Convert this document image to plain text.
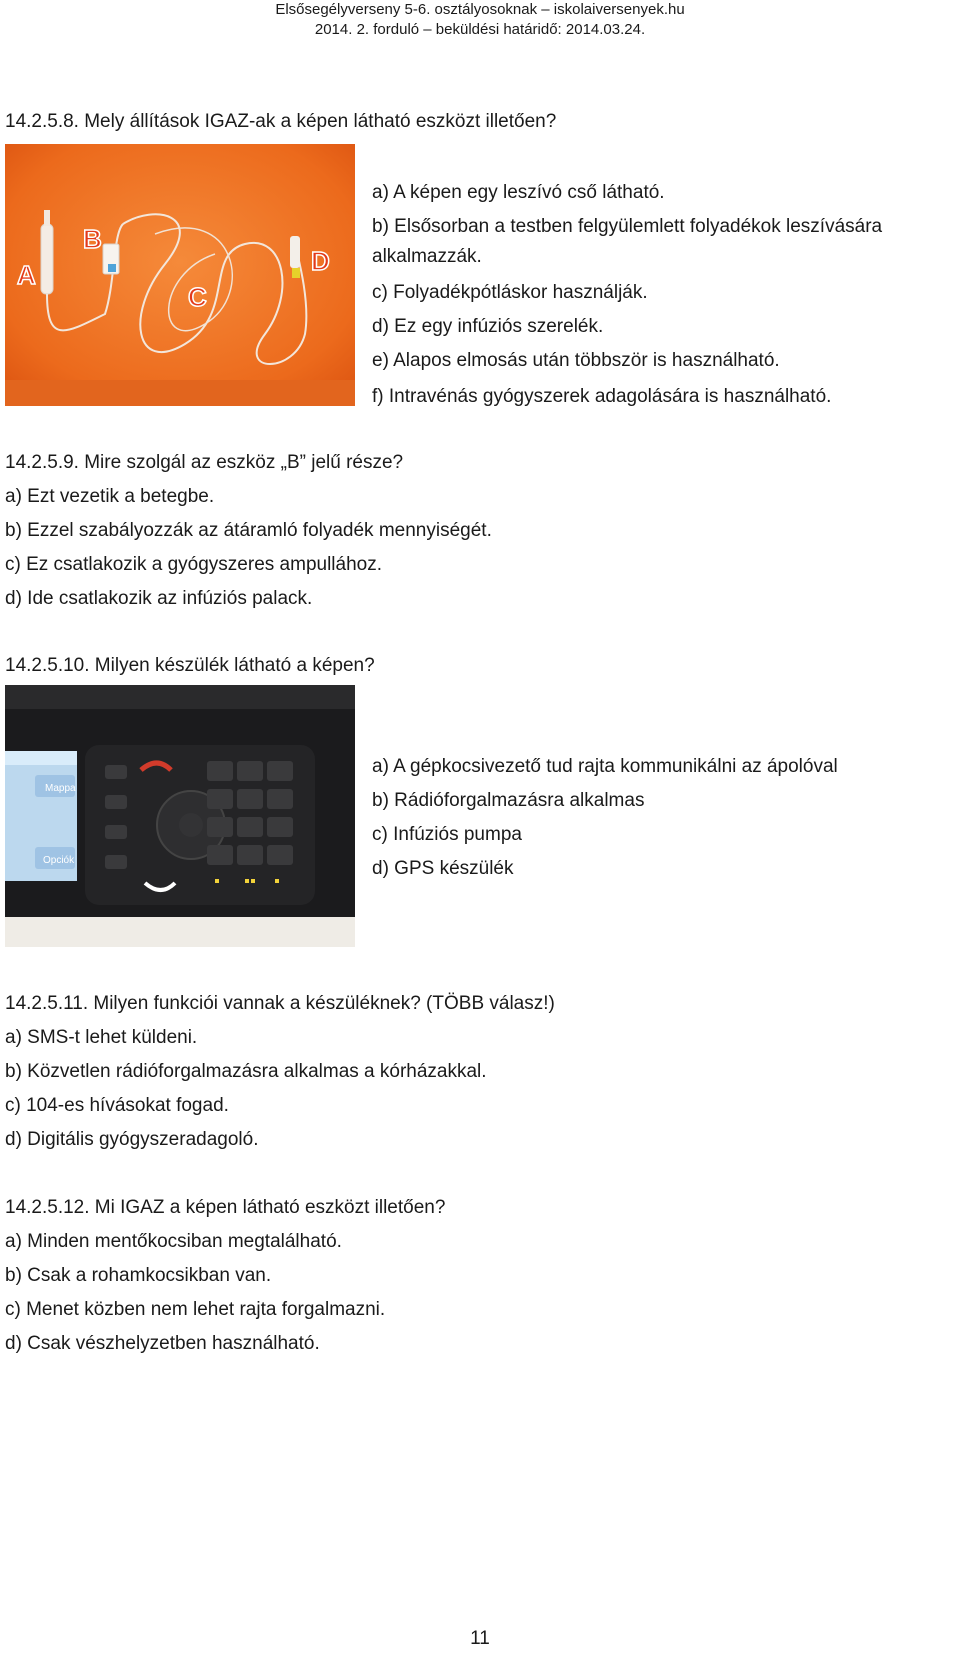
Elsősegélyverseny 5-6. osztályosoknak – iskolaiversenyek.hu
2014. 2. forduló – beküldési határidő: 2014.03.24.
14.2.5.8. Mely állítások IGAZ-ak a képen látható eszközt illetően?
A
B
C
D
a) A képen egy leszívó cső látható.
b) Elsősorban a testben felgyülemlett folyadékok leszívására
alkalmazzák.
c) Folyadékpótláskor használják.
d) Ez egy infúziós szerelék.
e) Alapos elmosás után többször is használható.
f) Intravénás gyógyszerek adagolására is használható.
14.2.5.9. Mire szolgál az eszköz „B” jelű része?
a) Ezt vezetik a betegbe.
b) Ezzel szabályozzák az átáramló folyadék mennyiségét.
c) Ez csatlakozik a gyógyszeres ampullához.
d) Ide csatlakozik az infúziós palack.
14.2.5.10. Milyen készülék látható a képen?
Mappa
Opciók
a) A gépkocsivezető tud rajta kommunikálni az ápolóval
b) Rádióforgalmazásra alkalmas
c) Infúziós pumpa
d) GPS készülék
14.2.5.11. Milyen funkciói vannak a készüléknek? (TÖBB válasz!)
a) SMS-t lehet küldeni.
b) Közvetlen rádióforgalmazásra alkalmas a kórházakkal.
c) 104-es hívásokat fogad.
d) Digitális gyógyszeradagoló.
14.2.5.12. Mi IGAZ a képen látható eszközt illetően?
a) Minden mentőkocsiban megtalálható.
b) Csak a rohamkocsikban van.
c) Menet közben nem lehet rajta forgalmazni.
d) Csak vészhelyzetben használható.
11
